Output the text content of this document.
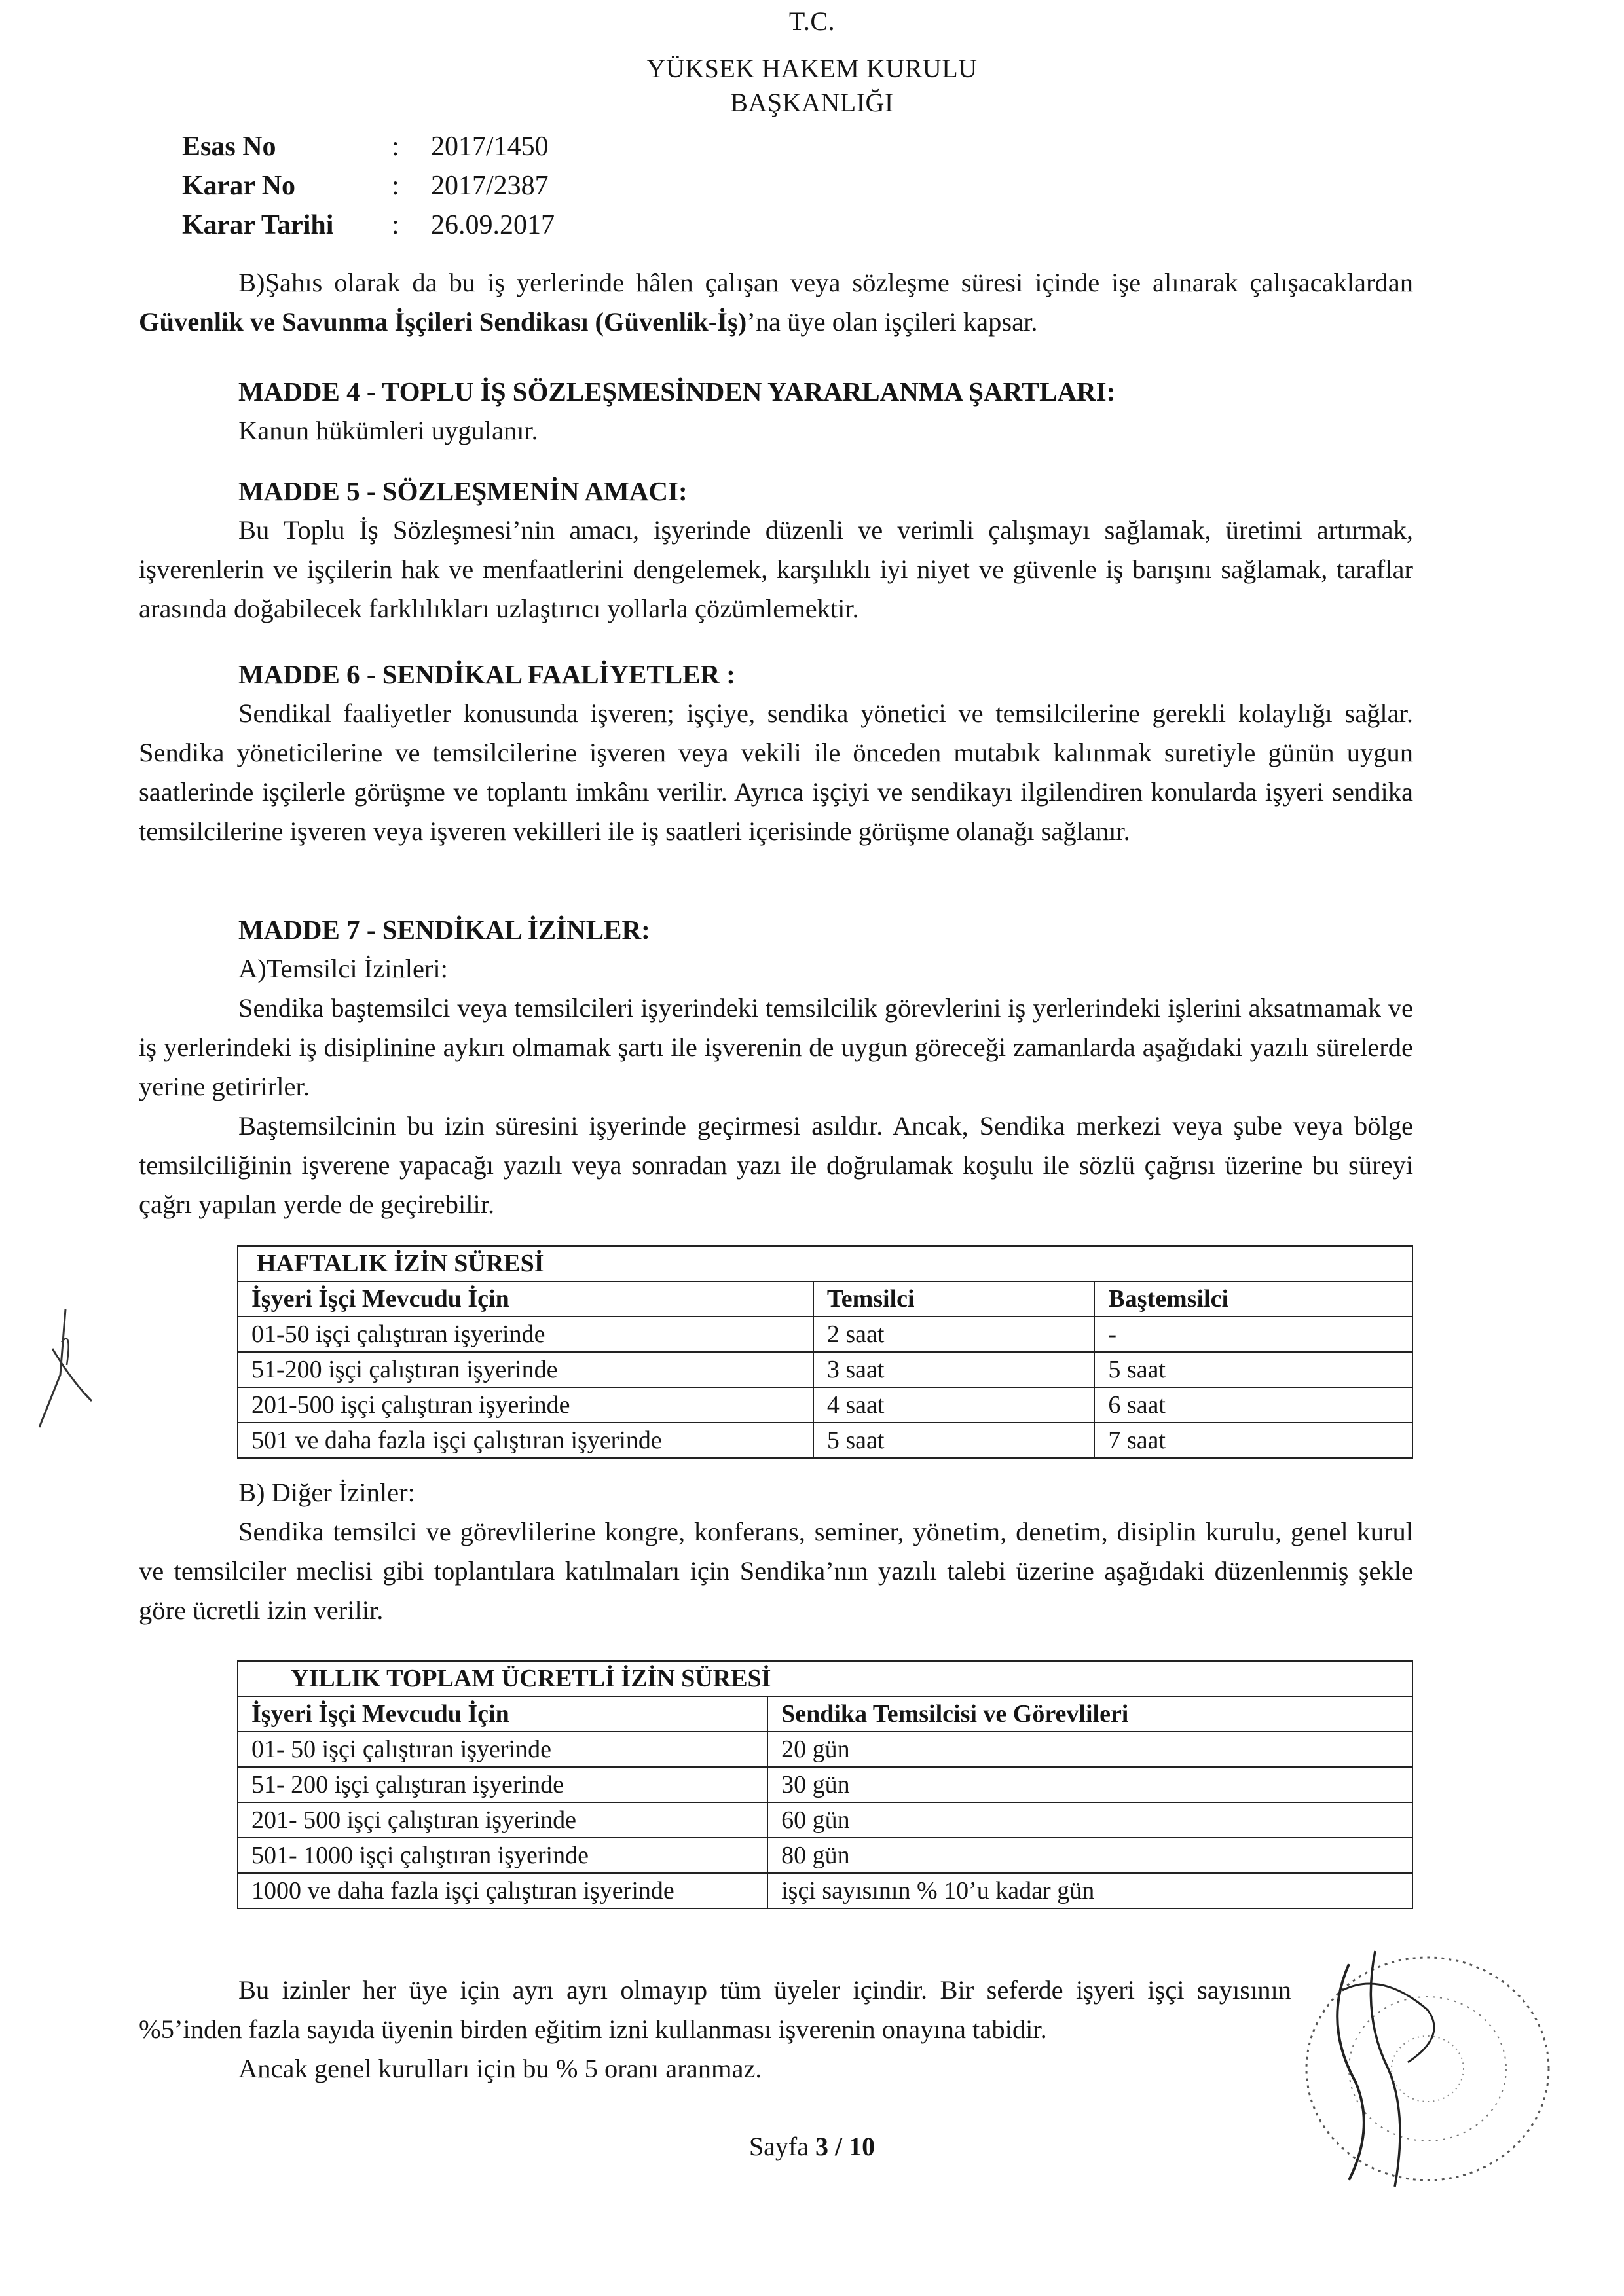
T.C.
YÜKSEK HAKEM KURULU
BAŞKANLIĞI
Esas No	:	2017/1450
Karar No	:	2017/2387
Karar Tarihi	:	26.09.2017

B)Şahıs olarak da bu iş yerlerinde hâlen çalışan veya sözleşme süresi içinde işe alınarak çalışacaklardan Güvenlik ve Savunma İşçileri Sendikası (Güvenlik-İş)’na üye olan işçileri kapsar.

MADDE 4 - TOPLU İŞ SÖZLEŞMESİNDEN YARARLANMA ŞARTLARI:

Kanun hükümleri uygulanır.

MADDE 5 - SÖZLEŞMENİN AMACI:

Bu Toplu İş Sözleşmesi’nin amacı, işyerinde düzenli ve verimli çalışmayı sağlamak, üretimi artırmak, işverenlerin ve işçilerin hak ve menfaatlerini dengelemek, karşılıklı iyi niyet ve güvenle iş barışını sağlamak, taraflar arasında doğabilecek farklılıkları uzlaştırıcı yollarla çözümlemektir.

MADDE 6 - SENDİKAL FAALİYETLER :

Sendikal faaliyetler konusunda işveren; işçiye, sendika yönetici ve temsilcilerine gerekli kolaylığı sağlar. Sendika yöneticilerine ve temsilcilerine işveren veya vekili ile önceden mutabık kalınmak suretiyle günün uygun saatlerinde işçilerle görüşme ve toplantı imkânı verilir. Ayrıca işçiyi ve sendikayı ilgilendiren konularda işyeri sendika temsilcilerine işveren veya işveren vekilleri ile iş saatleri içerisinde görüşme olanağı sağlanır.

MADDE 7 - SENDİKAL İZİNLER:

A)Temsilci İzinleri:

Sendika baştemsilci veya temsilcileri işyerindeki temsilcilik görevlerini iş yerlerindeki işlerini aksatmamak ve iş yerlerindeki iş disiplinine aykırı olmamak şartı ile işverenin de uygun göreceği zamanlarda aşağıdaki yazılı sürelerde yerine getirirler.

Baştemsilcinin bu izin süresini işyerinde geçirmesi asıldır. Ancak, Sendika merkezi veya şube veya bölge temsilciliğinin işverene yapacağı yazılı veya sonradan yazı ile doğrulamak koşulu ile sözlü çağrısı üzerine bu süreyi çağrı yapılan yerde de geçirebilir.

HAFTALIK İZİN SÜRESİ		
İşyeri İşçi Mevcudu İçin	Temsilci	Baştemsilci
01-50 işçi çalıştıran işyerinde	2 saat	-
51-200 işçi çalıştıran işyerinde	3 saat	5 saat
201-500 işçi çalıştıran işyerinde	4 saat	6 saat
501 ve daha fazla işçi çalıştıran işyerinde	5 saat	7 saat

B) Diğer İzinler:

Sendika temsilci ve görevlilerine kongre, konferans, seminer, yönetim, denetim, disiplin kurulu, genel kurul ve temsilciler meclisi gibi toplantılara katılmaları için Sendika’nın yazılı talebi üzerine aşağıdaki düzenlenmiş şekle göre ücretli izin verilir.

YILLIK TOPLAM ÜCRETLİ İZİN SÜRESİ	
İşyeri İşçi Mevcudu İçin	Sendika Temsilcisi ve Görevlileri
01- 50 işçi çalıştıran işyerinde	20 gün
51- 200 işçi çalıştıran işyerinde	30 gün
201- 500 işçi çalıştıran işyerinde	60 gün
501- 1000 işçi çalıştıran işyerinde	80 gün
1000 ve daha fazla işçi çalıştıran işyerinde	işçi sayısının % 10’u kadar gün

Bu izinler her üye için ayrı ayrı olmayıp tüm üyeler içindir. Bir seferde işyeri işçi sayısının %5’inden fazla sayıda üyenin birden eğitim izni kullanması işverenin onayına tabidir.

Ancak genel kurulları için bu % 5 oranı aranmaz.

Sayfa 3 / 10
